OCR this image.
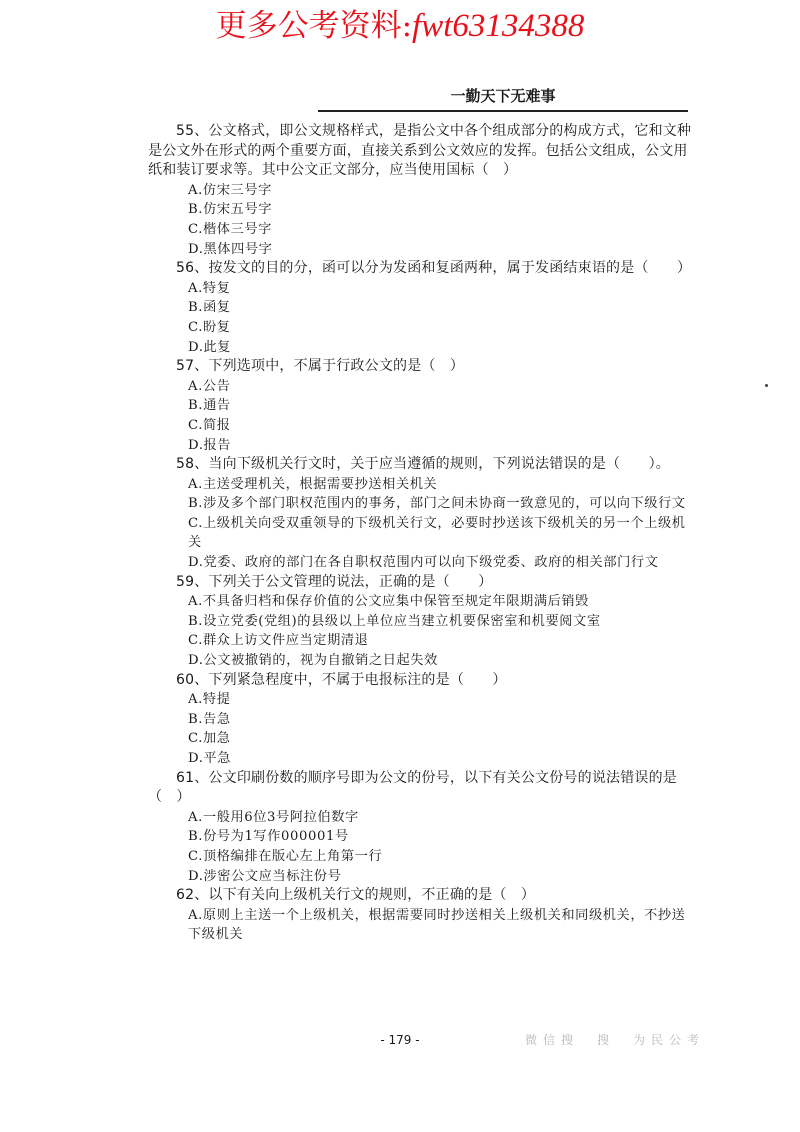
更多公考资料:fwt63134388
一勤天下无难事

55、公文格式，即公文规格样式，是指公文中各个组成部分的构成方式，它和文种是公文外在形式的两个重要方面，直接关系到公文效应的发挥。包括公文组成，公文用纸和装订要求等。其中公文正文部分，应当使用国标（　）

A.仿宋三号字

B.仿宋五号字

C.楷体三号字

D.黑体四号字

56、按发文的目的分，函可以分为发函和复函两种，属于发函结束语的是（　　）

A.特复

B.函复

C.盼复

D.此复

57、下列选项中，不属于行政公文的是（　）

A.公告

B.通告

C.简报

D.报告

58、当向下级机关行文时，关于应当遵循的规则，下列说法错误的是（　　）。

A.主送受理机关，根据需要抄送相关机关

B.涉及多个部门职权范围内的事务，部门之间未协商一致意见的，可以向下级行文

C.上级机关向受双重领导的下级机关行文，必要时抄送该下级机关的另一个上级机关

D.党委、政府的部门在各自职权范围内可以向下级党委、政府的相关部门行文

59、下列关于公文管理的说法，正确的是（　　）

A.不具备归档和保存价值的公文应集中保管至规定年限期满后销毁

B.设立党委(党组)的县级以上单位应当建立机要保密室和机要阅文室

C.群众上访文件应当定期清退

D.公文被撤销的，视为自撤销之日起失效

60、下列紧急程度中，不属于电报标注的是（　　）

A.特提

B.告急

C.加急

D.平急

61、公文印刷份数的顺序号即为公文的份号，以下有关公文份号的说法错误的是（　）

A.一般用6位3号阿拉伯数字

B.份号为1写作000001号

C.顶格编排在版心左上角第一行

D.涉密公文应当标注份号

62、以下有关向上级机关行文的规则，不正确的是（　）

A.原则上主送一个上级机关，根据需要同时抄送相关上级机关和同级机关，不抄送下级机关

- 179 -	微信搜　搜　为民公考
